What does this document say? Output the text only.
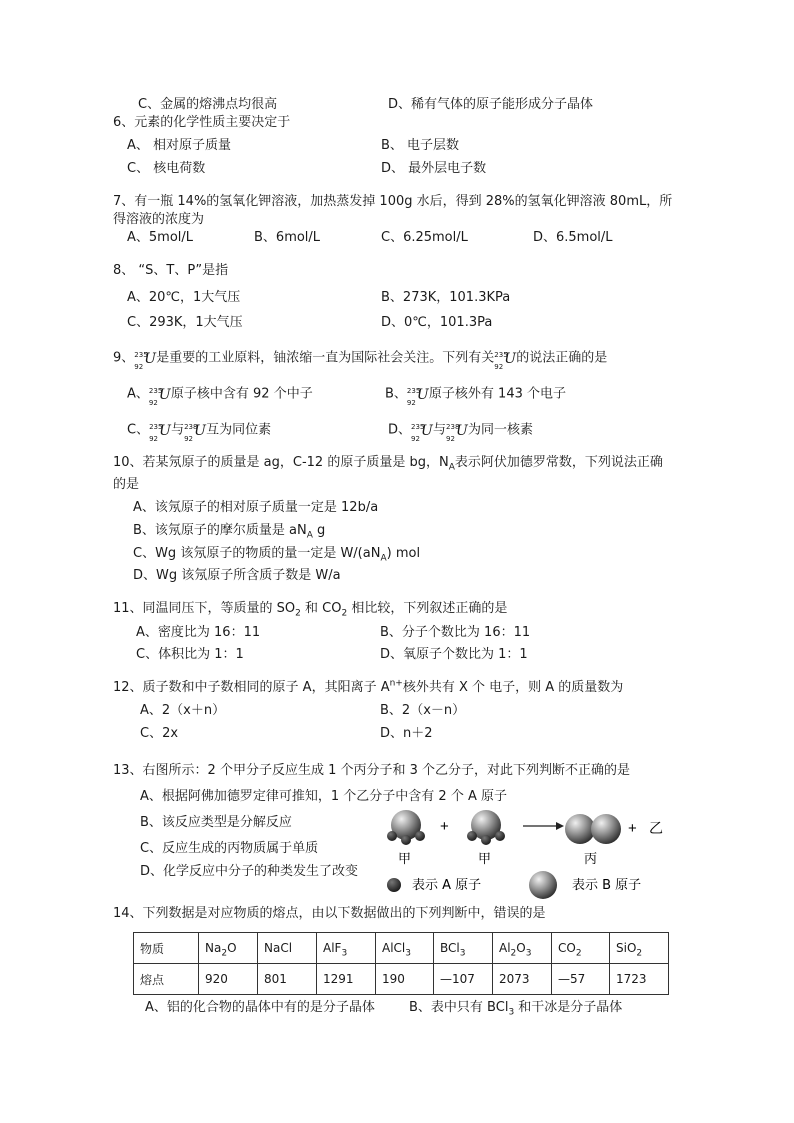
C、金属的熔沸点均很高	D、稀有气体的原子能形成分子晶体
6、元素的化学性质主要决定于
A、 相对原子质量	B、 电子层数
C、 核电荷数	D、 最外层电子数
7、有一瓶 14%的氢氧化钾溶液，加热蒸发掉 100g 水后，得到 28%的氢氧化钾溶液 80mL，所
得溶液的浓度为
A、5mol/L	B、6mol/L	C、6.25mol/L	D、6.5mol/L
8、 “S、T、P”是指
A、20℃，1大气压	B、273K，101.3KPa
C、293K，1大气压	D、0℃，101.3Pa
9、 235
92 U 是重要的工业原料，铀浓缩一直为国际社会关注。下列有关 235
92 U 的说法正确的是
A、 235
92 U 原子核中含有 92 个中子	B、 235
92 U 原子核外有 143 个电子
C、 235
92 U 与 238
92 U 互为同位素	D、 235
92 U 与 238
92 U 为同一核素
10、若某氖原子的质量是 ag，C-12 的原子质量是 bg，$N_A$表示阿伏加德罗常数，下列说法正确
的是
A、该氖原子的相对原子质量一定是 12b/a
B、该氖原子的摩尔质量是 $aN_A$ g
C、Wg 该氖原子的物质的量一定是 $W/(aN_A)$ mol
D、Wg 该氖原子所含质子数是 W/a
11、同温同压下，等质量的 $SO_2$ 和 $CO_2$ 相比较，下列叙述正确的是
A、密度比为 16：11	B、分子个数比为 16：11
C、体积比为 1：1	D、氧原子个数比为 1：1
12、质子数和中子数相同的原子 A，其阳离子 $A^{n+}$核外共有 X 个 电子，则 A 的质量数为
A、2（x＋n）	B、2（x－n）
C、2x	D、n＋2
13、右图所示：2 个甲分子反应生成 1 个丙分子和 3 个乙分子，对此下列判断不正确的是
A、根据阿佛加德罗定律可推知，1 个乙分子中含有 2 个 A 原子
B、该反应类型是分解反应
C、反应生成的丙物质属于单质
D、化学反应中分子的种类发生了改变
+	+ 乙
甲	甲	丙
表示 A 原子	表示 B 原子
14、下列数据是对应物质的熔点，由以下数据做出的下列判断中，错误的是
物质	$Na_2O$	NaCl	AlF$_3$	AlCl$_3$	BCl$_3$	$Al_2O_3$	$CO_2$	SiO$_2$
熔点	920	801	1291	190	—107	2073	—57	1723
A、铝的化合物的晶体中有的是分子晶体	B、表中只有 BCl$_3$ 和干冰是分子晶体
